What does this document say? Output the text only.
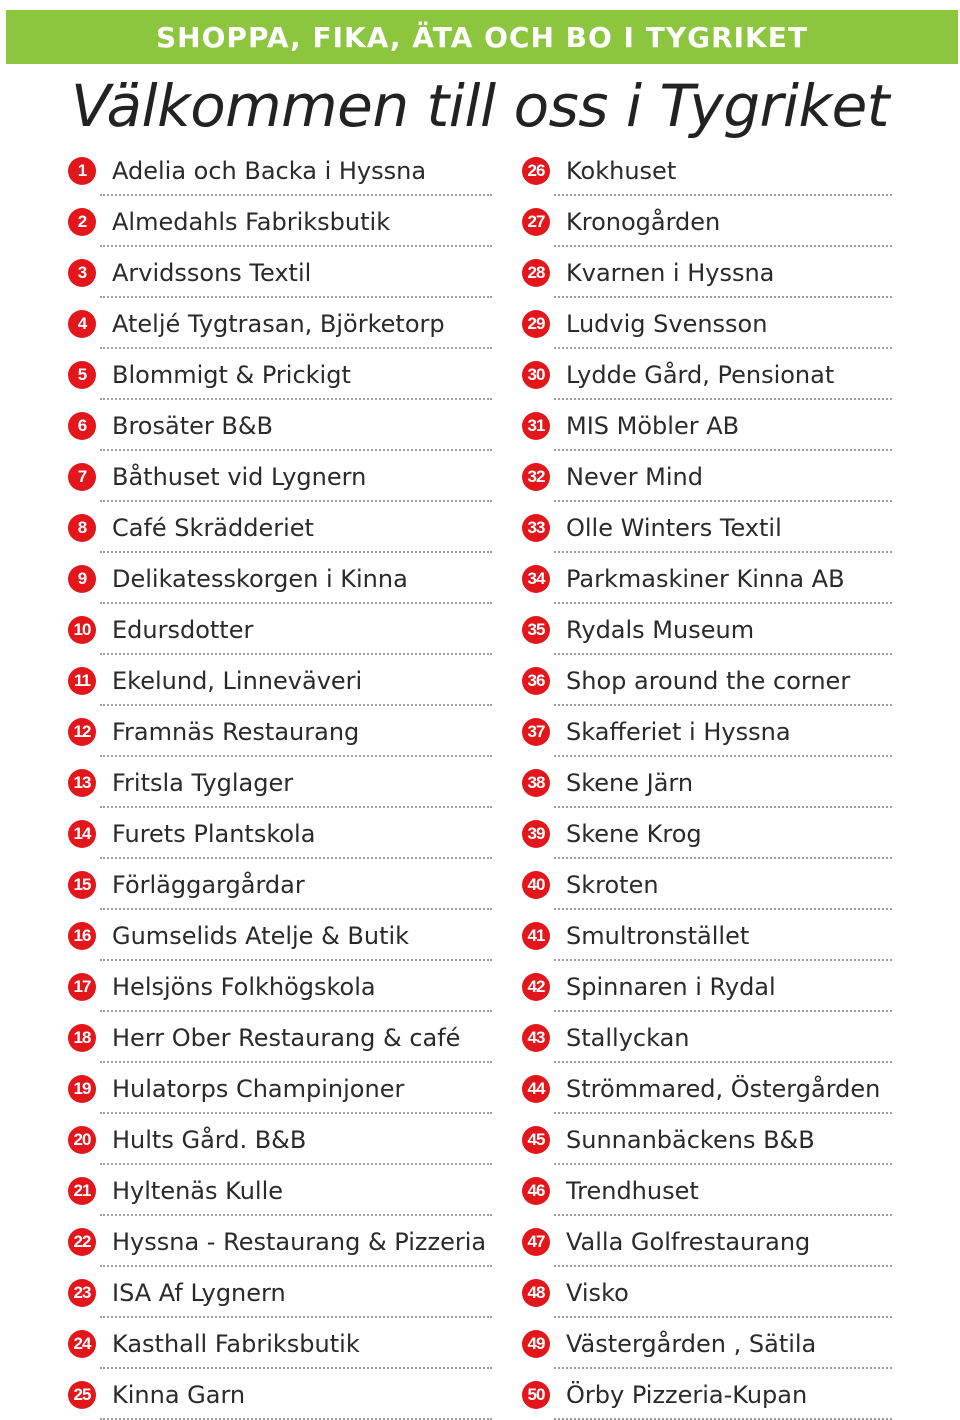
SHOPPA, FIKA, ÄTA OCH BO I TYGRIKET
Välkommen till oss i Tygriket
1	Adelia och Backa i Hyssna
2	Almedahls Fabriksbutik
3	Arvidssons Textil
4	Ateljé Tygtrasan, Björketorp
5	Blommigt & Prickigt
6	Brosäter B&B
7	Båthuset vid Lygnern
8	Café Skrädderiet
9	Delikatesskorgen i Kinna
10 Edursdotter
11 Ekelund, Linneväveri
12 Framnäs Restaurang
13 Fritsla Tyglager
14 Furets Plantskola
15 Förläggargårdar
16 Gumselids Atelje & Butik
17 Helsjöns Folkhögskola
18 Herr Ober Restaurang & café
19 Hulatorps Champinjoner
20 Hults Gård. B&B
21 Hyltenäs Kulle
22 Hyssna - Restaurang & Pizzeria
23 ISA Af Lygnern
24 Kasthall Fabriksbutik
25 Kinna Garn
26 Kokhuset
27 Kronogården
28 Kvarnen i Hyssna
29 Ludvig Svensson
30 Lydde Gård, Pensionat
31 MIS Möbler AB
32 Never Mind
33 Olle Winters Textil
34 Parkmaskiner Kinna AB
35 Rydals Museum
36 Shop around the corner
37 Skafferiet i Hyssna
38 Skene Järn
39 Skene Krog
40 Skroten
41 Smultronstället
42 Spinnaren i Rydal
43 Stallyckan
44 Strömmared, Östergården
45 Sunnanbäckens B&B
46 Trendhuset
47 Valla Golfrestaurang
48 Visko
49 Västergården , Sätila
50 Örby Pizzeria-Kupan
